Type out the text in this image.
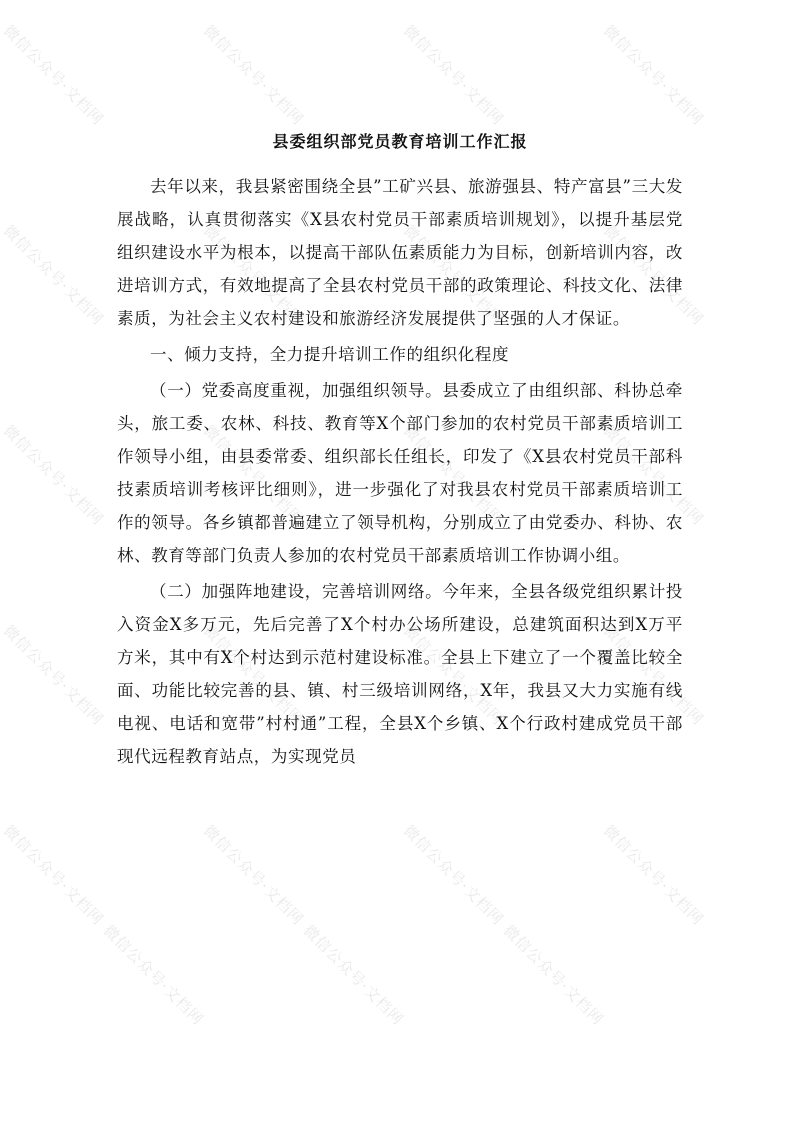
微信公众号·文档网	微信公众号·文档网	微信公众号·文档网	微信公众号·文档网
微信公众号·文档网	微信公众号·文档网	微信公众号·文档网	微信公众号·文档网
微信公众号·文档网	微信公众号·文档网	微信公众号·文档网	微信公众号·文档网
微信公众号·文档网	微信公众号·文档网	微信公众号·文档网	微信公众号·文档网
微信公众号·文档网	微信公众号·文档网	微信公众号·文档网	微信公众号·文档网
微信公众号·文档网	微信公众号·文档网	微信公众号·文档网
县委组织部党员教育培训工作汇报

去年以来，我县紧密围绕全县”工矿兴县、旅游强县、特产富县”三大发展战略，认真贯彻落实《X县农村党员干部素质培训规划》，以提升基层党组织建设水平为根本，以提高干部队伍素质能力为目标，创新培训内容，改进培训方式，有效地提高了全县农村党员干部的政策理论、科技文化、法律素质，为社会主义农村建设和旅游经济发展提供了坚强的人才保证。

一、倾力支持，全力提升培训工作的组织化程度

（一）党委高度重视，加强组织领导。县委成立了由组织部、科协总牵头，旅工委、农林、科技、教育等X个部门参加的农村党员干部素质培训工作领导小组，由县委常委、组织部长任组长，印发了《X县农村党员干部科技素质培训考核评比细则》，进一步强化了对我县农村党员干部素质培训工作的领导。各乡镇都普遍建立了领导机构，分别成立了由党委办、科协、农林、教育等部门负责人参加的农村党员干部素质培训工作协调小组。

（二）加强阵地建设，完善培训网络。今年来，全县各级党组织累计投入资金X多万元，先后完善了X个村办公场所建设，总建筑面积达到X万平方米，其中有X个村达到示范村建设标准。全县上下建立了一个覆盖比较全面、功能比较完善的县、镇、村三级培训网络，X年，我县又大力实施有线电视、电话和宽带”村村通”工程，全县X个乡镇、X个行政村建成党员干部现代远程教育站点，为实现党员
